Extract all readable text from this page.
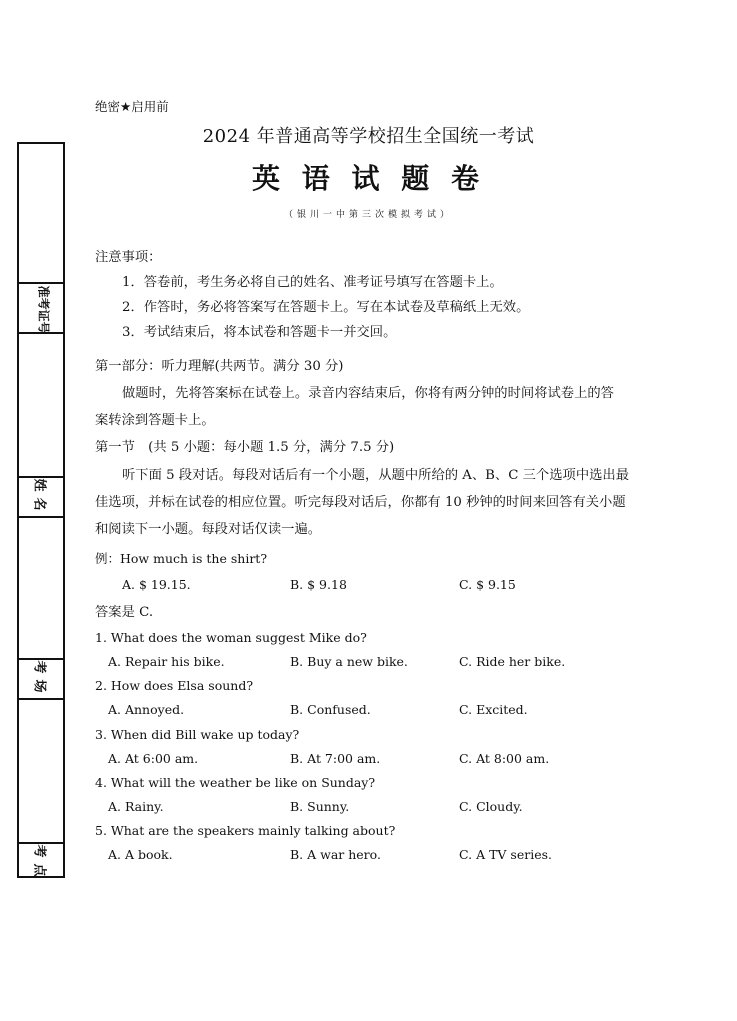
准考证号
姓名
考场
考点
绝密★启用前
2024 年普通高等学校招生全国统一考试
英 语 试 题 卷
（银川一中第三次模拟考试）
注意事项：
1．答卷前，考生务必将自己的姓名、准考证号填写在答题卡上。
2．作答时，务必将答案写在答题卡上。写在本试卷及草稿纸上无效。
3．考试结束后，将本试卷和答题卡一并交回。
第一部分：听力理解(共两节。满分 30 分)
做题时，先将答案标在试卷上。录音内容结束后，你将有两分钟的时间将试卷上的答
案转涂到答题卡上。
第一节　(共 5 小题：每小题 1.5 分，满分 7.5 分)
听下面 5 段对话。每段对话后有一个小题，从题中所给的 A、B、C 三个选项中选出最
佳选项，并标在试卷的相应位置。听完每段对话后，你都有 10 秒钟的时间来回答有关小题
和阅读下一小题。每段对话仅读一遍。
例：How much is the shirt?
A. $ 19.15.	B. $ 9.18	C. $ 9.15
答案是 C.
1. What does the woman suggest Mike do?
A. Repair his bike.	B. Buy a new bike.	C. Ride her bike.
2. How does Elsa sound?
A. Annoyed.	B. Confused.	C. Excited.
3. When did Bill wake up today?
A. At 6:00 am.	B. At 7:00 am.	C. At 8:00 am.
4. What will the weather be like on Sunday?
A. Rainy.	B. Sunny.	C. Cloudy.
5. What are the speakers mainly talking about?
A. A book.	B. A war hero.	C. A TV series.
